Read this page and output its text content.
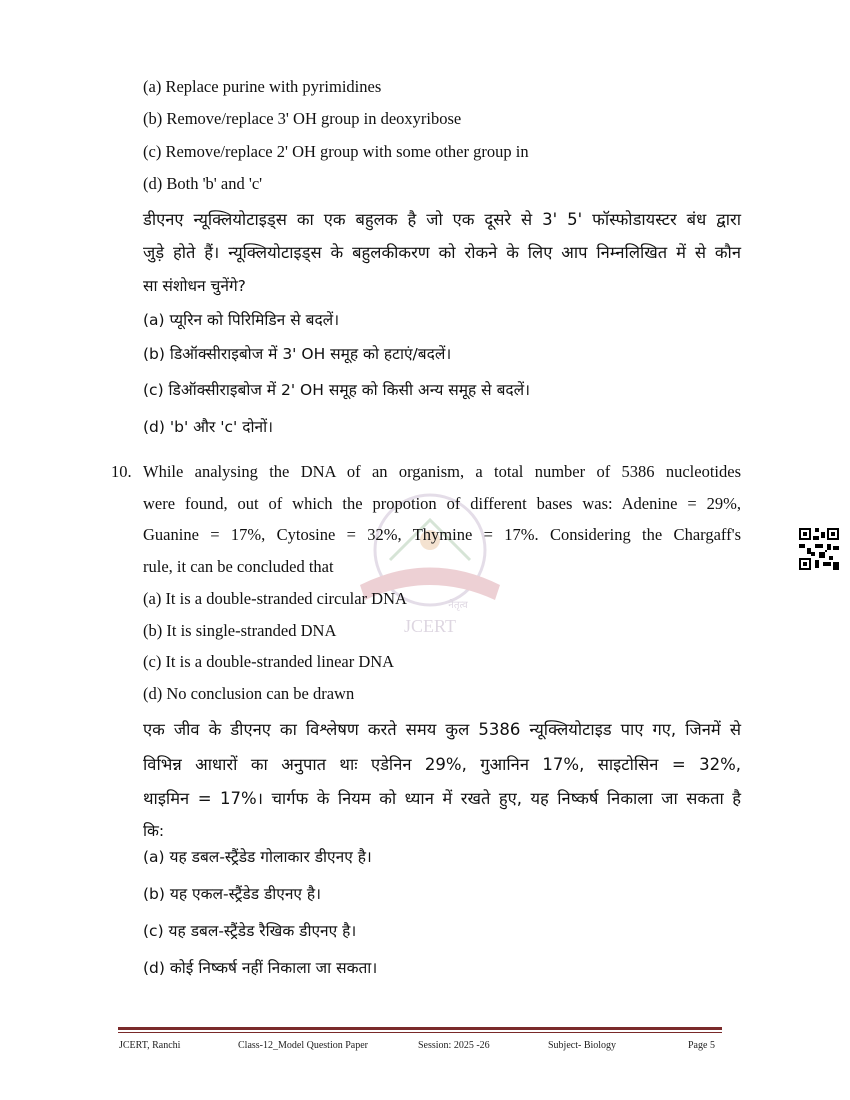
JCERT
नेतृत्व
(a) Replace purine with pyrimidines
(b) Remove/replace 3' OH group in deoxyribose
(c) Remove/replace 2' OH group with some other group in
(d) Both 'b' and 'c'
डीएनए न्यूक्लियोटाइड्स का एक बहुलक है जो एक दूसरे से 3' 5' फॉस्फोडायस्टर बंध द्वारा
जुड़े होते हैं। न्यूक्लियोटाइड्स के बहुलकीकरण को रोकने के लिए आप निम्नलिखित में से कौन
सा संशोधन चुनेंगे?
(a) प्यूरिन को पिरिमिडिन से बदलें।
(b) डिऑक्सीराइबोज में 3' OH समूह को हटाएं/बदलें।
(c) डिऑक्सीराइबोज में 2' OH समूह को किसी अन्य समूह से बदलें।
(d) 'b' और 'c' दोनों।
10. While analysing the DNA of an organism, a total number of 5386 nucleotides
were found, out of which the propotion of different bases was: Adenine = 29%,
Guanine = 17%, Cytosine = 32%, Thymine = 17%. Considering the Chargaff's
rule, it can be concluded that
(a) It is a double-stranded circular DNA
(b) It is single-stranded DNA
(c) It is a double-stranded linear DNA
(d) No conclusion can be drawn
एक जीव के डीएनए का विश्लेषण करते समय कुल 5386 न्यूक्लियोटाइड पाए गए, जिनमें से
विभिन्न आधारों का अनुपात थाः एडेनिन 29%, गुआनिन 17%, साइटोसिन = 32%,
थाइमिन = 17%। चार्गफ के नियम को ध्यान में रखते हुए, यह निष्कर्ष निकाला जा सकता है
कि:
(a) यह डबल-स्ट्रैंडेड गोलाकार डीएनए है।
(b) यह एकल-स्ट्रैंडेड डीएनए है।
(c) यह डबल-स्ट्रैंडेड रैखिक डीएनए है।
(d) कोई निष्कर्ष नहीं निकाला जा सकता।
JCERT, Ranchi	Class-12_Model Question Paper	Session: 2025 -26	Subject- Biology	Page 5
